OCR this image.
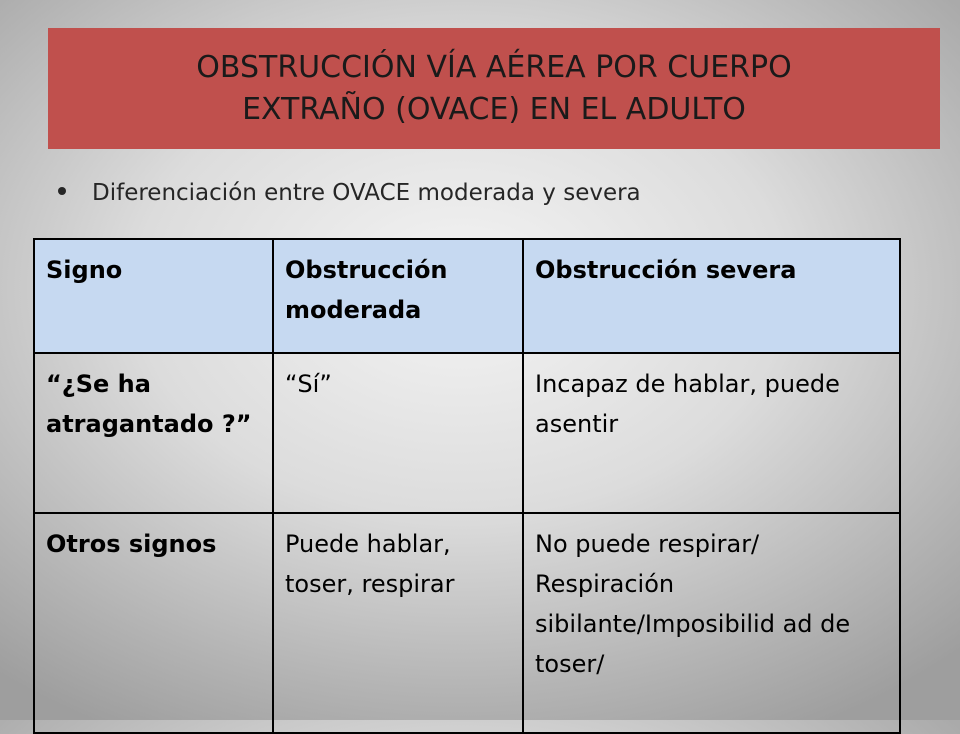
OBSTRUCCIÓN VÍA AÉREA POR CUERPO
EXTRAÑO (OVACE) EN EL ADULTO
Diferenciación entre OVACE moderada y severa
Signo	Obstrucción moderada	Obstrucción severa
“¿Se ha atragantado ?”	“Sí”	Incapaz de hablar, puede asentir
Otros signos	Puede hablar, toser, respirar	No puede respirar/ Respiración sibilante/Imposibilid ad de toser/
